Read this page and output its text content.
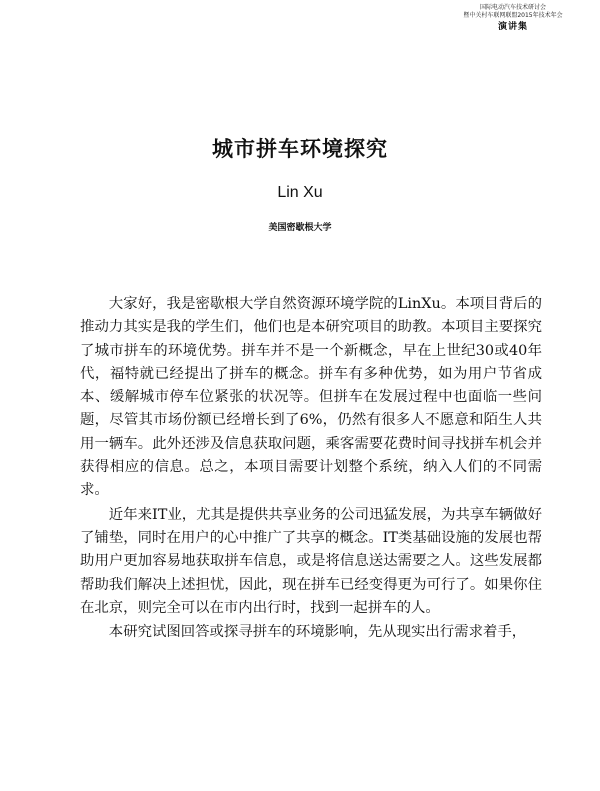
国际电动汽车技术研讨会
暨中关村车联网联盟2015年技术年会
演讲集
城市拼车环境探究
Lin Xu
美国密歇根大学

大家好，我是密歇根大学自然资源环境学院的LinXu。本项目背后的推动力其实是我的学生们，他们也是本研究项目的助教。本项目主要探究了城市拼车的环境优势。拼车并不是一个新概念，早在上世纪30或40年代，福特就已经提出了拼车的概念。拼车有多种优势，如为用户节省成本、缓解城市停车位紧张的状况等。但拼车在发展过程中也面临一些问题，尽管其市场份额已经增长到了6%，仍然有很多人不愿意和陌生人共用一辆车。此外还涉及信息获取问题，乘客需要花费时间寻找拼车机会并获得相应的信息。总之，本项目需要计划整个系统，纳入人们的不同需求。

近年来IT业，尤其是提供共享业务的公司迅猛发展，为共享车辆做好了铺垫，同时在用户的心中推广了共享的概念。IT类基础设施的发展也帮助用户更加容易地获取拼车信息，或是将信息送达需要之人。这些发展都帮助我们解决上述担忧，因此，现在拼车已经变得更为可行了。如果你住在北京，则完全可以在市内出行时，找到一起拼车的人。

本研究试图回答或探寻拼车的环境影响，先从现实出行需求着手，
